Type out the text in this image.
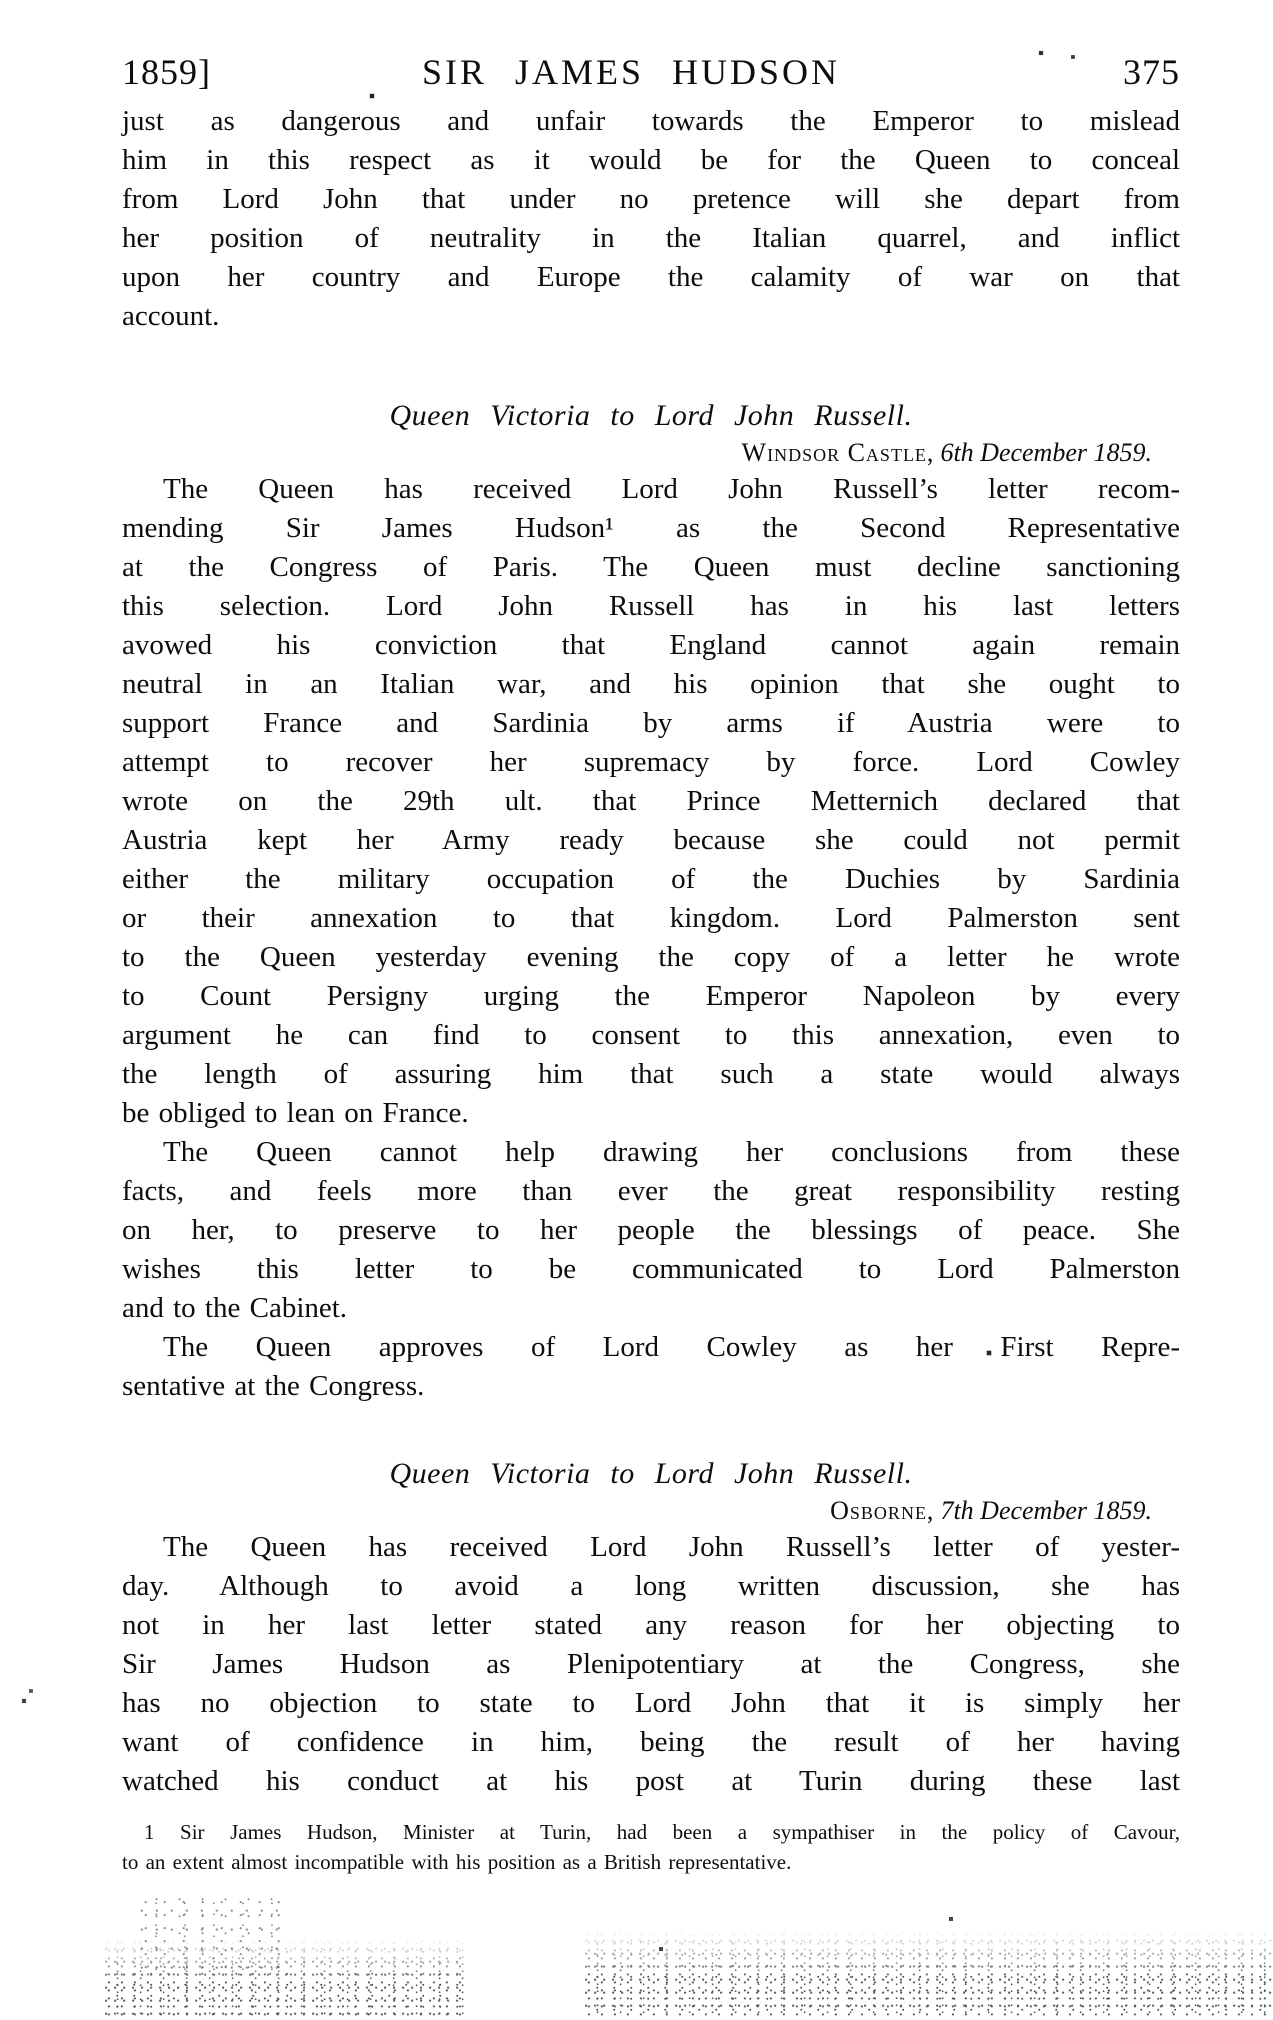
1859]	SIR JAMES HUDSON	375
just as dangerous and unfair towards the Emperor to mislead
him in this respect as it would be for the Queen to conceal
from Lord John that under no pretence will she depart from
her position of neutrality in the Italian quarrel, and inflict
upon her country and Europe the calamity of war on that
account.
Queen Victoria to Lord John Russell.
Windsor Castle, 6th December 1859.
The Queen has received Lord John Russell’s letter recom-
mending Sir James Hudson¹ as the Second Representative
at the Congress of Paris. The Queen must decline sanctioning
this selection. Lord John Russell has in his last letters
avowed his conviction that England cannot again remain
neutral in an Italian war, and his opinion that she ought to
support France and Sardinia by arms if Austria were to
attempt to recover her supremacy by force. Lord Cowley
wrote on the 29th ult. that Prince Metternich declared that
Austria kept her Army ready because she could not permit
either the military occupation of the Duchies by Sardinia
or their annexation to that kingdom. Lord Palmerston sent
to the Queen yesterday evening the copy of a letter he wrote
to Count Persigny urging the Emperor Napoleon by every
argument he can find to consent to this annexation, even to
the length of assuring him that such a state would always
be obliged to lean on France.
The Queen cannot help drawing her conclusions from these
facts, and feels more than ever the great responsibility resting
on her, to preserve to her people the blessings of peace. She
wishes this letter to be communicated to Lord Palmerston
and to the Cabinet.
The Queen approves of Lord Cowley as her First Repre-
sentative at the Congress.
Queen Victoria to Lord John Russell.
Osborne, 7th December 1859.
The Queen has received Lord John Russell’s letter of yester-
day. Although to avoid a long written discussion, she has
not in her last letter stated any reason for her objecting to
Sir James Hudson as Plenipotentiary at the Congress, she
has no objection to state to Lord John that it is simply her
want of confidence in him, being the result of her having
watched his conduct at his post at Turin during these last
1 Sir James Hudson, Minister at Turin, had been a sympathiser in the policy of Cavour,
to an extent almost incompatible with his position as a British representative.
